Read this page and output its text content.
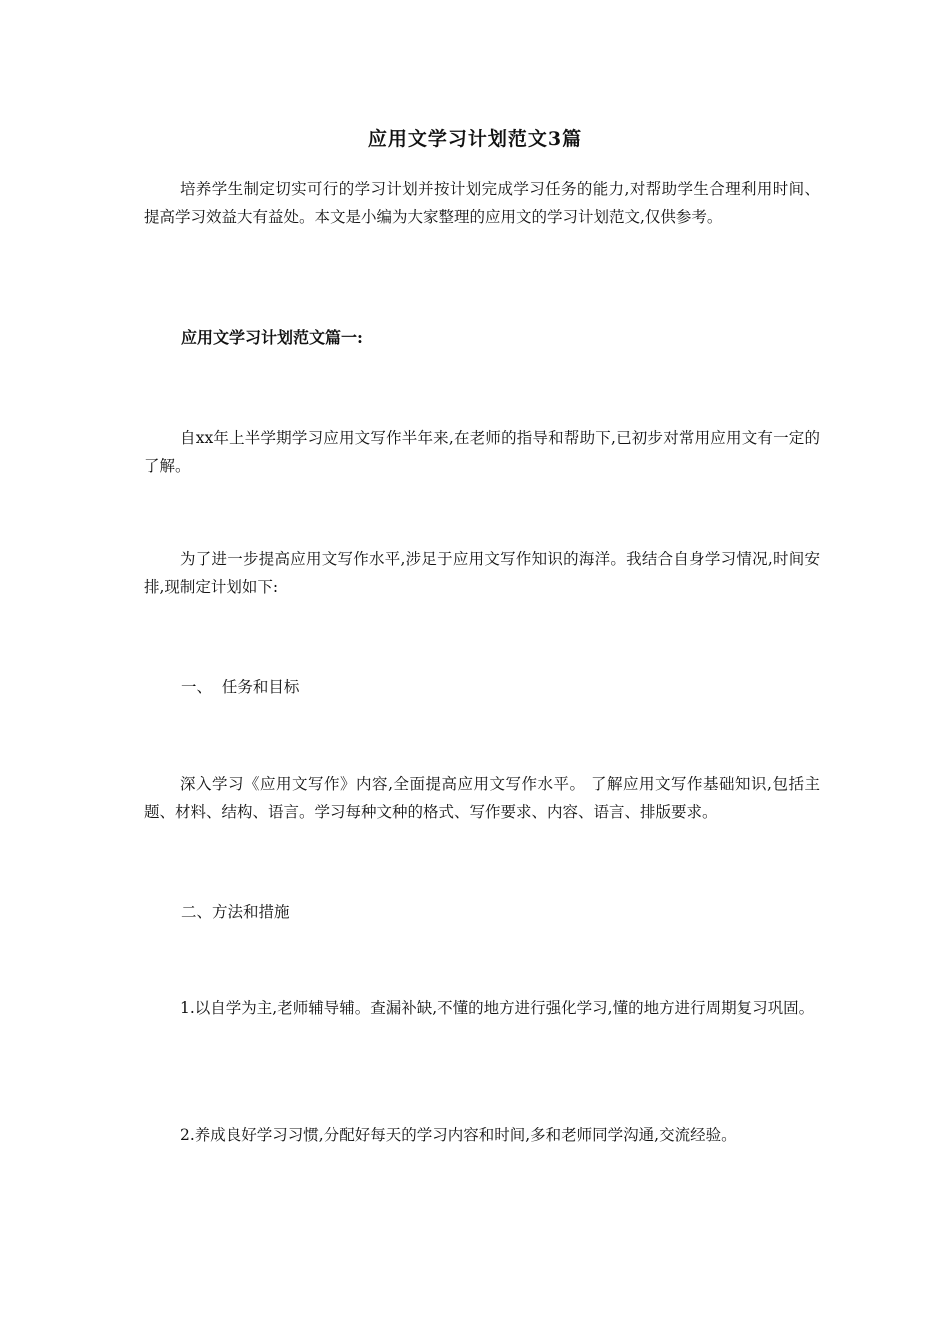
应用文学习计划范文3篇

培养学生制定切实可行的学习计划并按计划完成学习任务的能力,对帮助学生合理利用时间、提高学习效益大有益处。本文是小编为大家整理的应用文的学习计划范文,仅供参考。

应用文学习计划范文篇一:

自xx年上半学期学习应用文写作半年来,在老师的指导和帮助下,已初步对常用应用文有一定的了解。

为了进一步提高应用文写作水平,涉足于应用文写作知识的海洋。我结合自身学习情况,时间安排,现制定计划如下:

一、  任务和目标

深入学习《应用文写作》内容,全面提高应用文写作水平。 了解应用文写作基础知识,包括主题、材料、结构、语言。学习每种文种的格式、写作要求、内容、语言、排版要求。

二、方法和措施

1.以自学为主,老师辅导辅。查漏补缺,不懂的地方进行强化学习,懂的地方进行周期复习巩固。

2.养成良好学习习惯,分配好每天的学习内容和时间,多和老师同学沟通,交流经验。
